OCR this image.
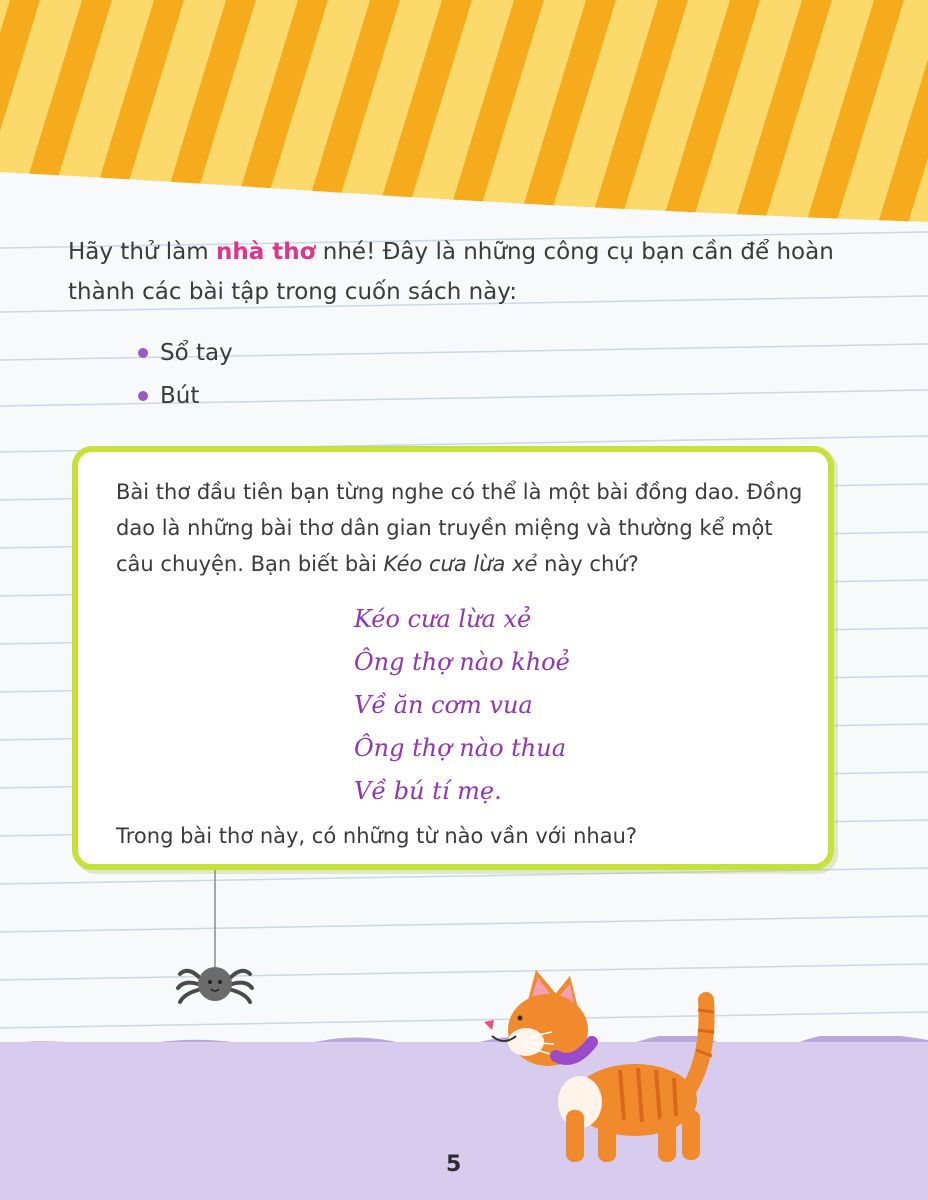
Hãy thử làm nhà thơ nhé! Đây là những công cụ bạn cần để hoàn thành các bài tập trong cuốn sách này:
Sổ tay
Bút
Bài thơ đầu tiên bạn từng nghe có thể là một bài đồng dao. Đồng dao là những bài thơ dân gian truyền miệng và thường kể một câu chuyện. Bạn biết bài Kéo cưa lừa xẻ này chứ?
Kéo cưa lừa xẻ
Ông thợ nào khoẻ
Về ăn cơm vua
Ông thợ nào thua
Về bú tí mẹ.
Trong bài thơ này, có những từ nào vần với nhau?
5
